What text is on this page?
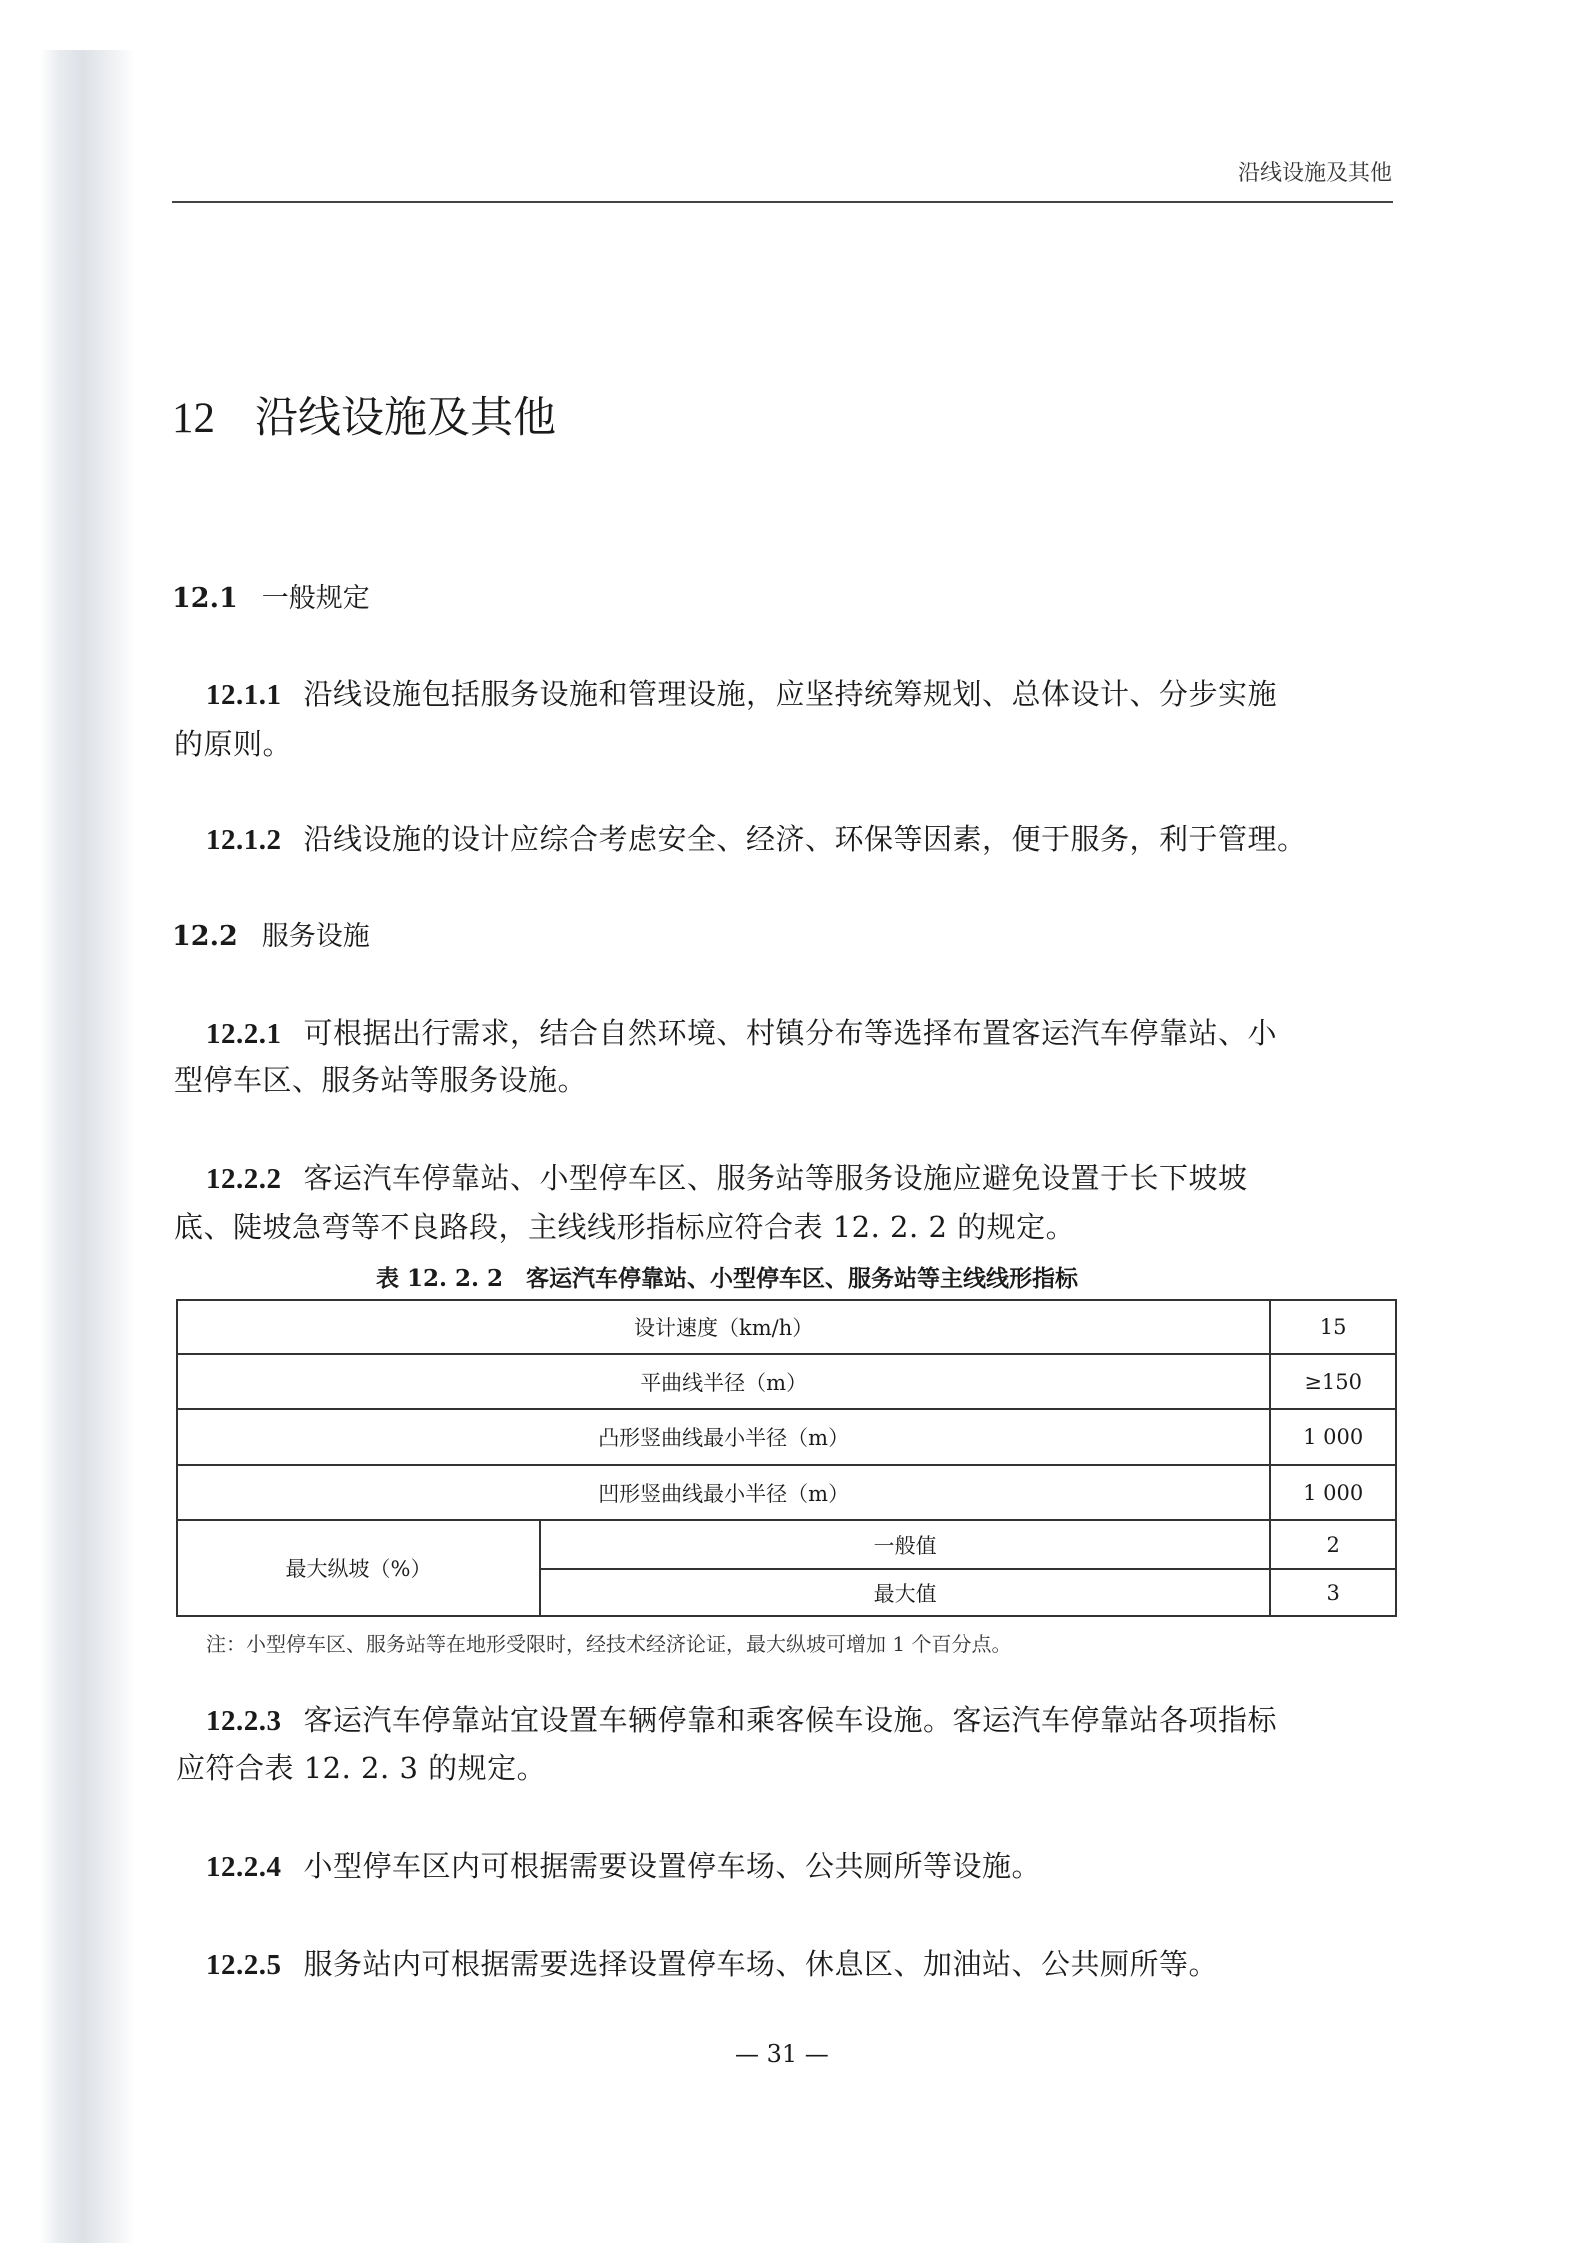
沿线设施及其他
12 沿线设施及其他
12.1 一般规定
12.1.1 沿线设施包括服务设施和管理设施，应坚持统筹规划、总体设计、分步实施
的原则。
12.1.2 沿线设施的设计应综合考虑安全、经济、环保等因素，便于服务，利于管理。
12.2 服务设施
12.2.1 可根据出行需求，结合自然环境、村镇分布等选择布置客运汽车停靠站、小
型停车区、服务站等服务设施。
12.2.2 客运汽车停靠站、小型停车区、服务站等服务设施应避免设置于长下坡坡
底、陡坡急弯等不良路段，主线线形指标应符合表 12. 2. 2 的规定。
表 12. 2. 2　客运汽车停靠站、小型停车区、服务站等主线线形指标
设计速度（km/h）		15
平曲线半径（m）		≥150
凸形竖曲线最小半径（m）		1 000
凹形竖曲线最小半径（m）		1 000
最大纵坡（%）	一般值	2
	最大值	3
注：小型停车区、服务站等在地形受限时，经技术经济论证，最大纵坡可增加 1 个百分点。
12.2.3 客运汽车停靠站宜设置车辆停靠和乘客候车设施。客运汽车停靠站各项指标
应符合表 12. 2. 3 的规定。
12.2.4 小型停车区内可根据需要设置停车场、公共厕所等设施。
12.2.5 服务站内可根据需要选择设置停车场、休息区、加油站、公共厕所等。
— 31 —
